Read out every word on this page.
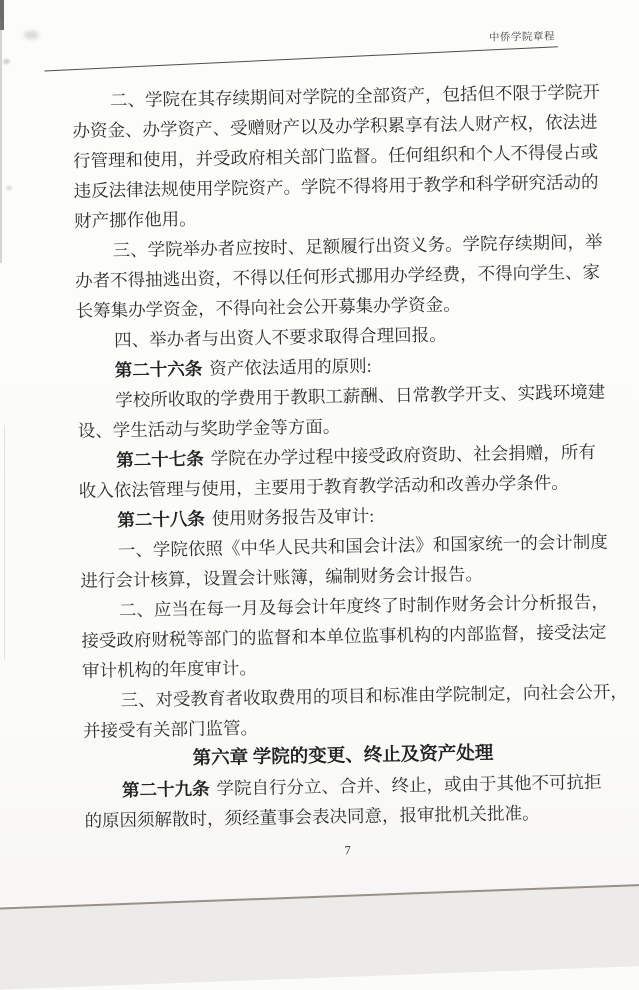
中侨学院章程
二、学院在其存续期间对学院的全部资产，包括但不限于学院开
办资金、办学资产、受赠财产以及办学积累享有法人财产权，依法进
行管理和使用，并受政府相关部门监督。任何组织和个人不得侵占或
违反法律法规使用学院资产。学院不得将用于教学和科学研究活动的
财产挪作他用。
三、学院举办者应按时、足额履行出资义务。学院存续期间，举
办者不得抽逃出资，不得以任何形式挪用办学经费，不得向学生、家
长筹集办学资金，不得向社会公开募集办学资金。
四、举办者与出资人不要求取得合理回报。
第二十六条 资产依法适用的原则:
学校所收取的学费用于教职工薪酬、日常教学开支、实践环境建
设、学生活动与奖助学金等方面。
第二十七条 学院在办学过程中接受政府资助、社会捐赠，所有
收入依法管理与使用，主要用于教育教学活动和改善办学条件。
第二十八条 使用财务报告及审计:
一、学院依照《中华人民共和国会计法》和国家统一的会计制度
进行会计核算，设置会计账簿，编制财务会计报告。
二、应当在每一月及每会计年度终了时制作财务会计分析报告，
接受政府财税等部门的监督和本单位监事机构的内部监督，接受法定
审计机构的年度审计。
三、对受教育者收取费用的项目和标准由学院制定，向社会公开，
并接受有关部门监管。
第六章 学院的变更、终止及资产处理
第二十九条 学院自行分立、合并、终止，或由于其他不可抗拒
的原因须解散时，须经董事会表决同意，报审批机关批准。
7
